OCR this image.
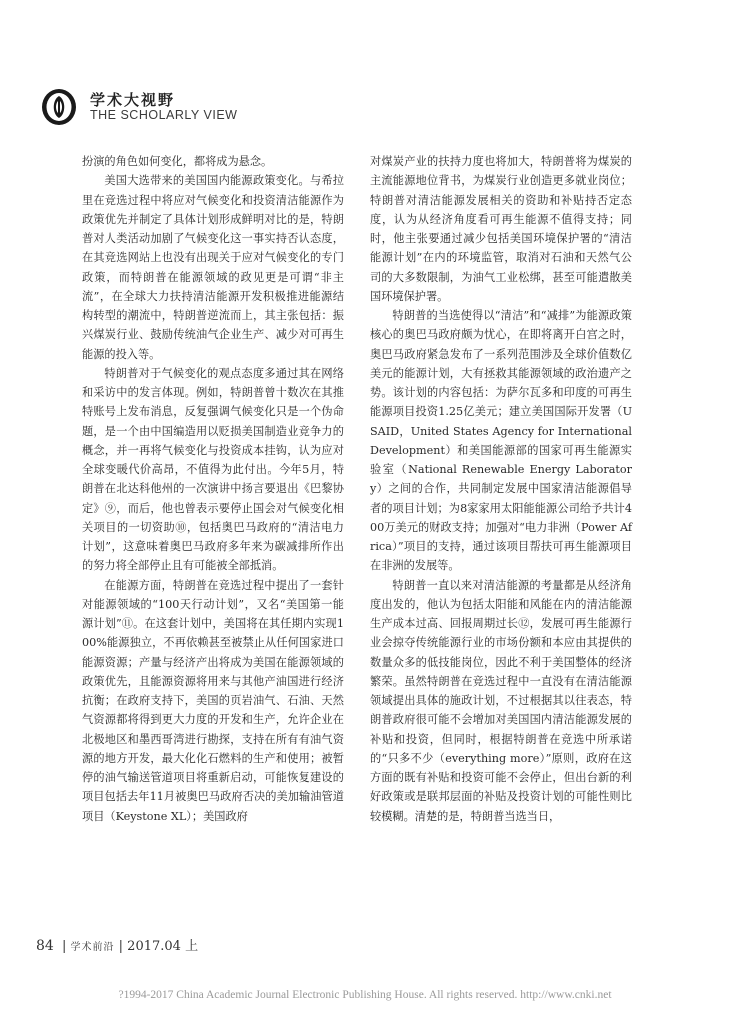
学术大视野
THE SCHOLARLY VIEW

扮演的角色如何变化，都将成为悬念。

美国大选带来的美国国内能源政策变化。与希拉里在竞选过程中将应对气候变化和投资清洁能源作为政策优先并制定了具体计划形成鲜明对比的是，特朗普对人类活动加剧了气候变化这一事实持否认态度，在其竞选网站上也没有出现关于应对气候变化的专门政策，而特朗普在能源领域的政见更是可谓“非主流”，在全球大力扶持清洁能源开发积极推进能源结构转型的潮流中，特朗普逆流而上，其主张包括：振兴煤炭行业、鼓励传统油气企业生产、减少对可再生能源的投入等。

特朗普对于气候变化的观点态度多通过其在网络和采访中的发言体现。例如，特朗普曾十数次在其推特账号上发布消息，反复强调气候变化只是一个伪命题，是一个由中国编造用以贬损美国制造业竞争力的概念，并一再将气候变化与投资成本挂钩，认为应对全球变暖代价高昂，不值得为此付出。今年5月，特朗普在北达科他州的一次演讲中扬言要退出《巴黎协定》⑨，而后，他也曾表示要停止国会对气候变化相关项目的一切资助⑩，包括奥巴马政府的“清洁电力计划”，这意味着奥巴马政府多年来为碳减排所作出的努力将全部停止且有可能被全部抵消。

在能源方面，特朗普在竞选过程中提出了一套针对能源领域的“100天行动计划”，又名“美国第一能源计划”⑪。在这套计划中，美国将在其任期内实现100%能源独立，不再依赖甚至被禁止从任何国家进口能源资源；产量与经济产出将成为美国在能源领域的政策优先，且能源资源将用来与其他产油国进行经济抗衡；在政府支持下，美国的页岩油气、石油、天然气资源都将得到更大力度的开发和生产，允许企业在北极地区和墨西哥湾进行勘探，支持在所有有油气资源的地方开发，最大化化石燃料的生产和使用；被暂停的油气输送管道项目将重新启动，可能恢复建设的项目包括去年11月被奥巴马政府否决的美加输油管道项目（Keystone XL）；美国政府

对煤炭产业的扶持力度也将加大，特朗普将为煤炭的主流能源地位背书，为煤炭行业创造更多就业岗位；特朗普对清洁能源发展相关的资助和补贴持否定态度，认为从经济角度看可再生能源不值得支持；同时，他主张要通过减少包括美国环境保护署的“清洁能源计划”在内的环境监管，取消对石油和天然气公司的大多数限制，为油气工业松绑，甚至可能遣散美国环境保护署。

特朗普的当选使得以“清洁”和“减排”为能源政策核心的奥巴马政府颇为忧心，在即将离开白宫之时，奥巴马政府紧急发布了一系列范围涉及全球价值数亿美元的能源计划，大有拯救其能源领域的政治遗产之势。该计划的内容包括：为萨尔瓦多和印度的可再生能源项目投资1.25亿美元；建立美国国际开发署（USAID，United States Agency for International Development）和美国能源部的国家可再生能源实验室（National Renewable Energy Laboratory）之间的合作，共同制定发展中国家清洁能源倡导者的项目计划；为8家家用太阳能能源公司给予共计400万美元的财政支持；加强对“电力非洲（Power Africa）”项目的支持，通过该项目帮扶可再生能源项目在非洲的发展等。

特朗普一直以来对清洁能源的考量都是从经济角度出发的，他认为包括太阳能和风能在内的清洁能源生产成本过高、回报周期过长⑫，发展可再生能源行业会掠夺传统能源行业的市场份额和本应由其提供的数量众多的低技能岗位，因此不利于美国整体的经济繁荣。虽然特朗普在竞选过程中一直没有在清洁能源领域提出具体的施政计划，不过根据其以往表态，特朗普政府很可能不会增加对美国国内清洁能源发展的补贴和投资，但同时，根据特朗普在竞选中所承诺的“只多不少（everything more）”原则，政府在这方面的既有补贴和投资可能不会停止，但出台新的利好政策或是联邦层面的补贴及投资计划的可能性则比较模糊。清楚的是，特朗普当选当日，

84 | 学术前沿 | 2017.04 上
?1994-2017 China Academic Journal Electronic Publishing House. All rights reserved. http://www.cnki.net
